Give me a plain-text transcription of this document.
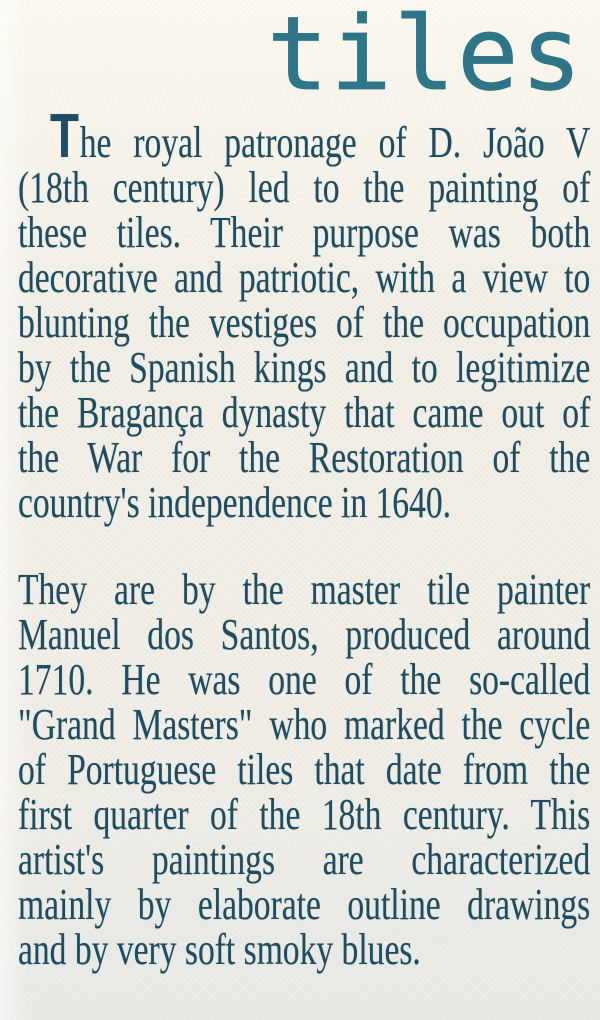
tiles
The royal patronage of D. João V
(18th century) led to the painting of
these tiles. Their purpose was both
decorative and patriotic, with a view to
blunting the vestiges of the occupation
by the Spanish kings and to legitimize
the Bragança dynasty that came out of
the War for the Restoration of the
country's independence in 1640.
They are by the master tile painter
Manuel dos Santos, produced around
1710. He was one of the so-called
"Grand Masters" who marked the cycle
of Portuguese tiles that date from the
first quarter of the 18th century. This
artist's paintings are characterized
mainly by elaborate outline drawings
and by very soft smoky blues.
